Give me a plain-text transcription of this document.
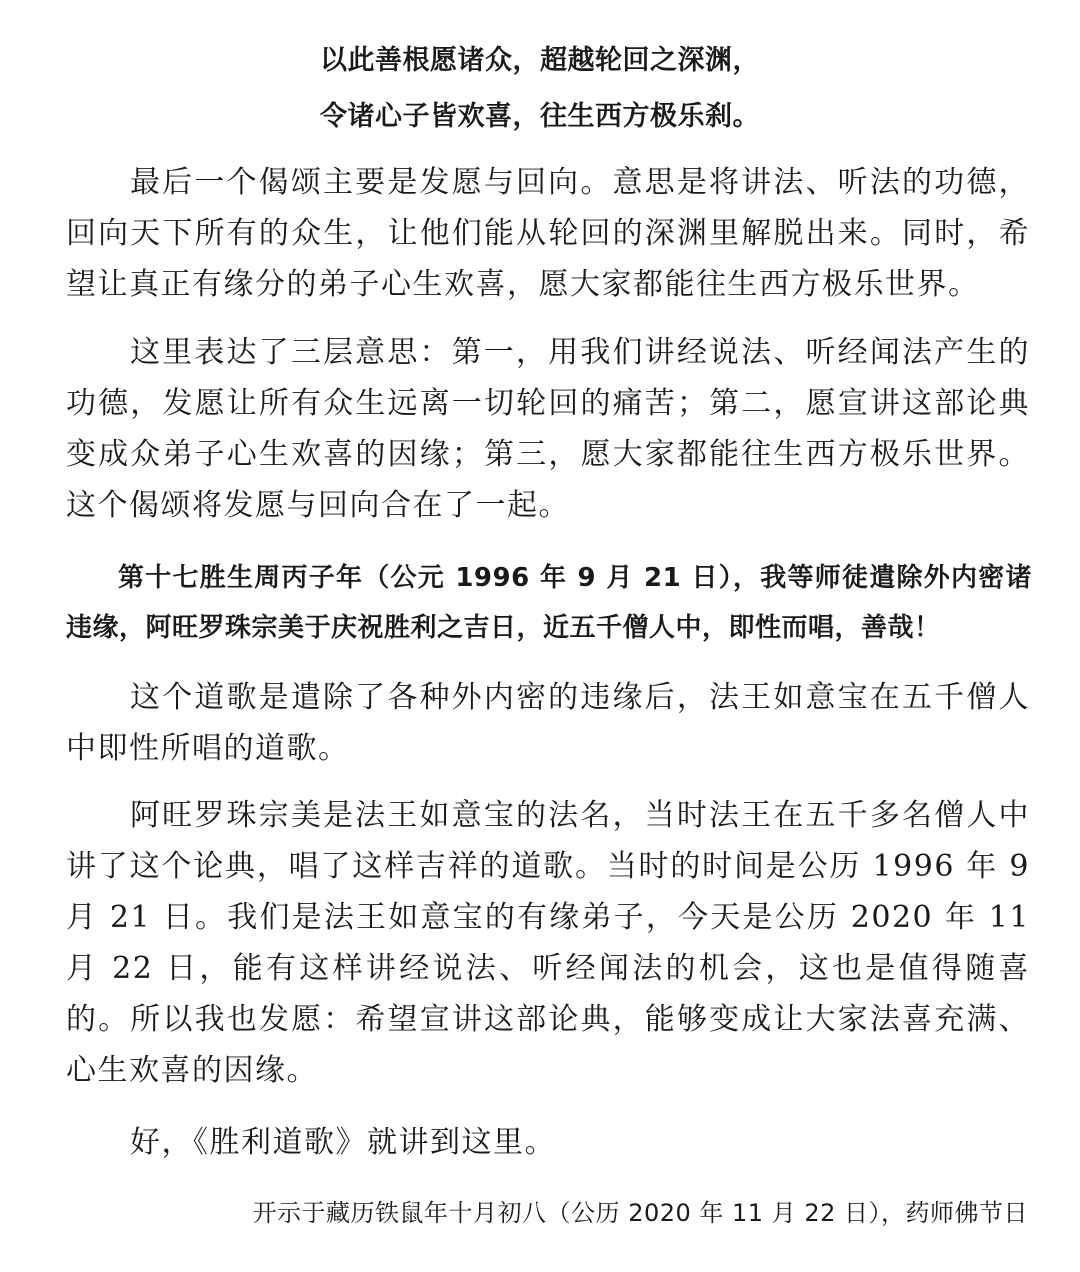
以此善根愿诸众，超越轮回之深渊，
令诸心子皆欢喜，往生西方极乐刹。

最后一个偈颂主要是发愿与回向。意思是将讲法、听法的功德，回向天下所有的众生，让他们能从轮回的深渊里解脱出来。同时，希望让真正有缘分的弟子心生欢喜，愿大家都能往生西方极乐世界。

这里表达了三层意思：第一，用我们讲经说法、听经闻法产生的功德，发愿让所有众生远离一切轮回的痛苦；第二，愿宣讲这部论典变成众弟子心生欢喜的因缘；第三，愿大家都能往生西方极乐世界。这个偈颂将发愿与回向合在了一起。

第十七胜生周丙子年（公元 1996 年 9 月 21 日），我等师徒遣除外内密诸违缘，阿旺罗珠宗美于庆祝胜利之吉日，近五千僧人中，即性而唱，善哉！

这个道歌是遣除了各种外内密的违缘后，法王如意宝在五千僧人中即性所唱的道歌。

阿旺罗珠宗美是法王如意宝的法名，当时法王在五千多名僧人中讲了这个论典，唱了这样吉祥的道歌。当时的时间是公历 1996 年 9 月 21 日。我们是法王如意宝的有缘弟子，今天是公历 2020 年 11 月 22 日，能有这样讲经说法、听经闻法的机会，这也是值得随喜的。所以我也发愿：希望宣讲这部论典，能够变成让大家法喜充满、心生欢喜的因缘。

好，《胜利道歌》就讲到这里。

开示于藏历铁鼠年十月初八（公历 2020 年 11 月 22 日），药师佛节日
